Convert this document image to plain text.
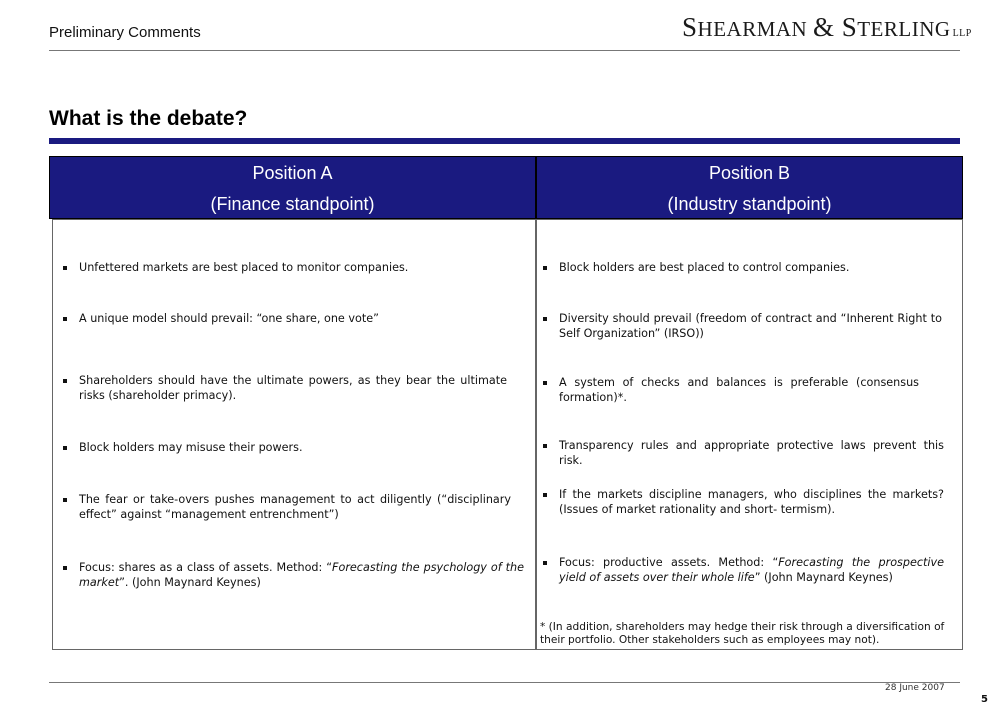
Preliminary Comments	SHEARMAN & STERLING LLP
What is the debate?
Position A
(Finance standpoint)
Position B
(Industry standpoint)
Unfettered markets are best placed to monitor companies.
A unique model should prevail: “one share, one vote”
Shareholders should have the ultimate powers, as they bear the ultimate risks (shareholder primacy).
Block holders may misuse their powers.
The fear or take-overs pushes management to act diligently (“disciplinary effect” against “management entrenchment”)
Focus: shares as a class of assets. Method: “Forecasting the psychology of the market”. (John Maynard Keynes)
Block holders are best placed to control companies.
Diversity should prevail (freedom of contract and “Inherent Right to Self Organization” (IRSO))
A system of checks and balances is preferable (consensus formation)*.
Transparency rules and appropriate protective laws prevent this risk.
If the markets discipline managers, who disciplines the markets? (Issues of market rationality and short- termism).
Focus: productive assets. Method: “Forecasting the prospective yield of assets over their whole life” (John Maynard Keynes)
* (In addition, shareholders may hedge their risk through a diversification of their portfolio. Other stakeholders such as employees may not).
28 June 2007
5
